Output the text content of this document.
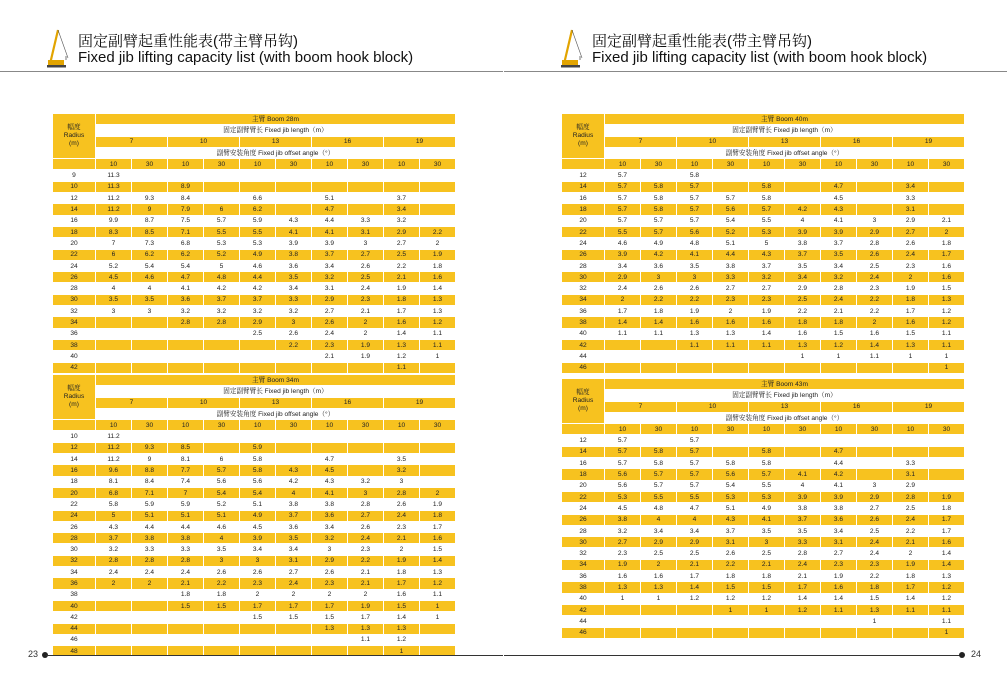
固定副臂起重性能表(带主臂吊钩)
Fixed jib lifting capacity list (with boom hook block)
幅度
Radius
(m)	主臂 Boom 28m									
	固定副臂臂长 Fixed jib length（m）									
	7		10		13		16		19	
	副臂安装角度 Fixed jib offset angle（°）									
	10	30	10	30	10	30	10	30	10	30
9	11.3									
10	11.3		8.9							
12	11.2	9.3	8.4		6.6		5.1		3.7	
14	11.2	9	7.9	6	6.2		4.7		3.4	
16	9.9	8.7	7.5	5.7	5.9	4.3	4.4	3.3	3.2	
18	8.3	8.5	7.1	5.5	5.5	4.1	4.1	3.1	2.9	2.2
20	7	7.3	6.8	5.3	5.3	3.9	3.9	3	2.7	2
22	6	6.2	6.2	5.2	4.9	3.8	3.7	2.7	2.5	1.9
24	5.2	5.4	5.4	5	4.6	3.6	3.4	2.6	2.2	1.8
26	4.5	4.6	4.7	4.8	4.4	3.5	3.2	2.5	2.1	1.6
28	4	4	4.1	4.2	4.2	3.4	3.1	2.4	1.9	1.4
30	3.5	3.5	3.6	3.7	3.7	3.3	2.9	2.3	1.8	1.3
32	3	3	3.2	3.2	3.2	3.2	2.7	2.1	1.7	1.3
34			2.8	2.8	2.9	3	2.6	2	1.6	1.2
36					2.5	2.6	2.4	2	1.4	1.1
38						2.2	2.3	1.9	1.3	1.1
40							2.1	1.9	1.2	1
42									1.1	
幅度
Radius
(m)	主臂 Boom 34m									
	固定副臂臂长 Fixed jib length（m）									
	7		10		13		16		19	
	副臂安装角度 Fixed jib offset angle（°）									
	10	30	10	30	10	30	10	30	10	30
10	11.2									
12	11.2	9.3	8.5		5.9					
14	11.2	9	8.1	6	5.8		4.7		3.5	
16	9.6	8.8	7.7	5.7	5.8	4.3	4.5		3.2	
18	8.1	8.4	7.4	5.6	5.6	4.2	4.3	3.2	3	
20	6.8	7.1	7	5.4	5.4	4	4.1	3	2.8	2
22	5.8	5.9	5.9	5.2	5.1	3.8	3.8	2.8	2.6	1.9
24	5	5.1	5.1	5.1	4.9	3.7	3.6	2.7	2.4	1.8
26	4.3	4.4	4.4	4.6	4.5	3.6	3.4	2.6	2.3	1.7
28	3.7	3.8	3.8	4	3.9	3.5	3.2	2.4	2.1	1.6
30	3.2	3.3	3.3	3.5	3.4	3.4	3	2.3	2	1.5
32	2.8	2.8	2.8	3	3	3.1	2.9	2.2	1.9	1.4
34	2.4	2.4	2.4	2.6	2.6	2.7	2.6	2.1	1.8	1.3
36	2	2	2.1	2.2	2.3	2.4	2.3	2.1	1.7	1.2
38			1.8	1.8	2	2	2	2	1.6	1.1
40			1.5	1.5	1.7	1.7	1.7	1.9	1.5	1
42					1.5	1.5	1.5	1.7	1.4	1
44							1.3	1.3	1.3	
46								1.1	1.2	
48									1	
23
固定副臂起重性能表(带主臂吊钩)
Fixed jib lifting capacity list (with boom hook block)
幅度
Radius
(m)	主臂 Boom 40m									
	固定副臂臂长 Fixed jib length（m）									
	7		10		13		16		19	
	副臂安装角度 Fixed jib offset angle（°）									
	10	30	10	30	10	30	10	30	10	30
12	5.7		5.8							
14	5.7	5.8	5.7		5.8		4.7		3.4	
16	5.7	5.8	5.7	5.7	5.8		4.5		3.3	
18	5.7	5.8	5.7	5.6	5.7	4.2	4.3		3.1	
20	5.7	5.7	5.7	5.4	5.5	4	4.1	3	2.9	2.1
22	5.5	5.7	5.6	5.2	5.3	3.9	3.9	2.9	2.7	2
24	4.6	4.9	4.8	5.1	5	3.8	3.7	2.8	2.6	1.8
26	3.9	4.2	4.1	4.4	4.3	3.7	3.5	2.6	2.4	1.7
28	3.4	3.6	3.5	3.8	3.7	3.5	3.4	2.5	2.3	1.6
30	2.9	3	3	3.3	3.2	3.4	3.2	2.4	2	1.6
32	2.4	2.6	2.6	2.7	2.7	2.9	2.8	2.3	1.9	1.5
34	2	2.2	2.2	2.3	2.3	2.5	2.4	2.2	1.8	1.3
36	1.7	1.8	1.9	2	1.9	2.2	2.1	2.2	1.7	1.2
38	1.4	1.4	1.6	1.6	1.6	1.8	1.8	2	1.6	1.2
40	1.1	1.1	1.3	1.3	1.4	1.6	1.5	1.6	1.5	1.1
42			1.1	1.1	1.1	1.3	1.2	1.4	1.3	1.1
44						1	1	1.1	1	1
46										1
幅度
Radius
(m)	主臂 Boom 43m									
	固定副臂臂长 Fixed jib length（m）									
	7		10		13		16		19	
	副臂安装角度 Fixed jib offset angle（°）									
	10	30	10	30	10	30	10	30	10	30
12	5.7		5.7							
14	5.7	5.8	5.7		5.8		4.7			
16	5.7	5.8	5.7	5.8	5.8		4.4		3.3	
18	5.6	5.7	5.7	5.6	5.7	4.1	4.2		3.1	
20	5.6	5.7	5.7	5.4	5.5	4	4.1	3	2.9	
22	5.3	5.5	5.5	5.3	5.3	3.9	3.9	2.9	2.8	1.9
24	4.5	4.8	4.7	5.1	4.9	3.8	3.8	2.7	2.5	1.8
26	3.8	4	4	4.3	4.1	3.7	3.6	2.6	2.4	1.7
28	3.2	3.4	3.4	3.7	3.5	3.5	3.4	2.5	2.2	1.7
30	2.7	2.9	2.9	3.1	3	3.3	3.1	2.4	2.1	1.6
32	2.3	2.5	2.5	2.6	2.5	2.8	2.7	2.4	2	1.4
34	1.9	2	2.1	2.2	2.1	2.4	2.3	2.3	1.9	1.4
36	1.6	1.6	1.7	1.8	1.8	2.1	1.9	2.2	1.8	1.3
38	1.3	1.3	1.4	1.5	1.5	1.7	1.6	1.8	1.7	1.2
40	1	1	1.2	1.2	1.2	1.4	1.4	1.5	1.4	1.2
42				1	1	1.2	1.1	1.3	1.1	1.1
44								1		1.1
46										1
24
